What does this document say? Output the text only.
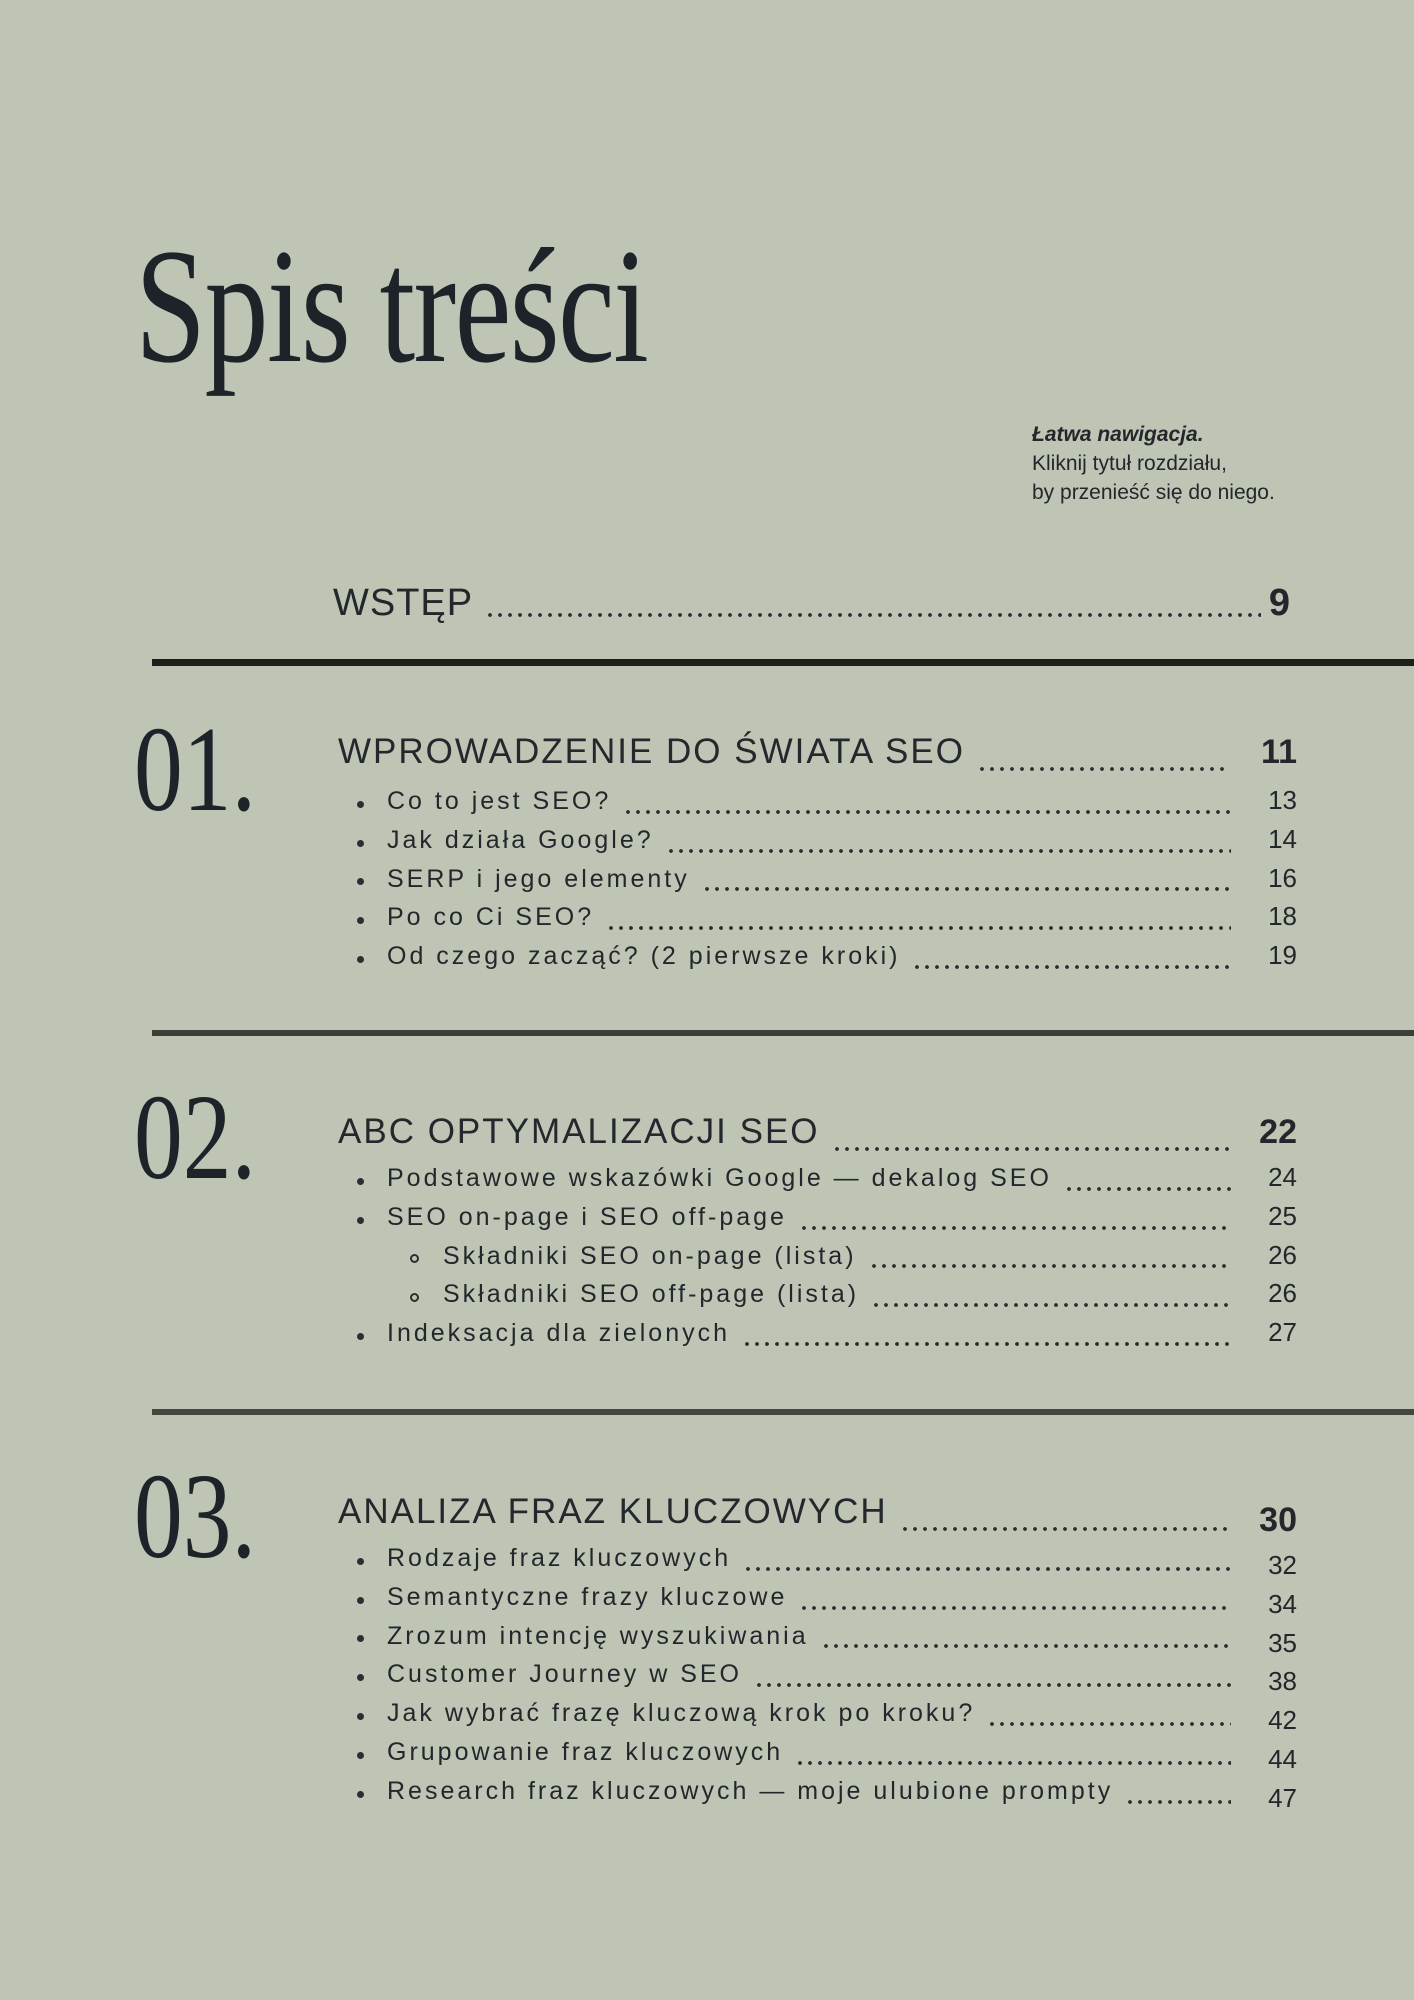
Spis treści
Łatwa nawigacja.
Kliknij tytuł rozdziału,
by przenieść się do niego.
WSTĘP	9
01. WPROWADZENIE DO ŚWIATA SEO	11
Co to jest SEO?	13
Jak działa Google?	14
SERP i jego elementy	16
Po co Ci SEO?	18
Od czego zacząć? (2 pierwsze kroki)	19
02. ABC OPTYMALIZACJI SEO	22
Podstawowe wskazówki Google — dekalog SEO	24
SEO on-page i SEO off-page	25
Składniki SEO on-page (lista)	26
Składniki SEO off-page (lista)	26
Indeksacja dla zielonych	27
03. ANALIZA FRAZ KLUCZOWYCH	30
Rodzaje fraz kluczowych	32
Semantyczne frazy kluczowe	34
Zrozum intencję wyszukiwania	35
Customer Journey w SEO	38
Jak wybrać frazę kluczową krok po kroku?	42
Grupowanie fraz kluczowych	44
Research fraz kluczowych — moje ulubione prompty	47
